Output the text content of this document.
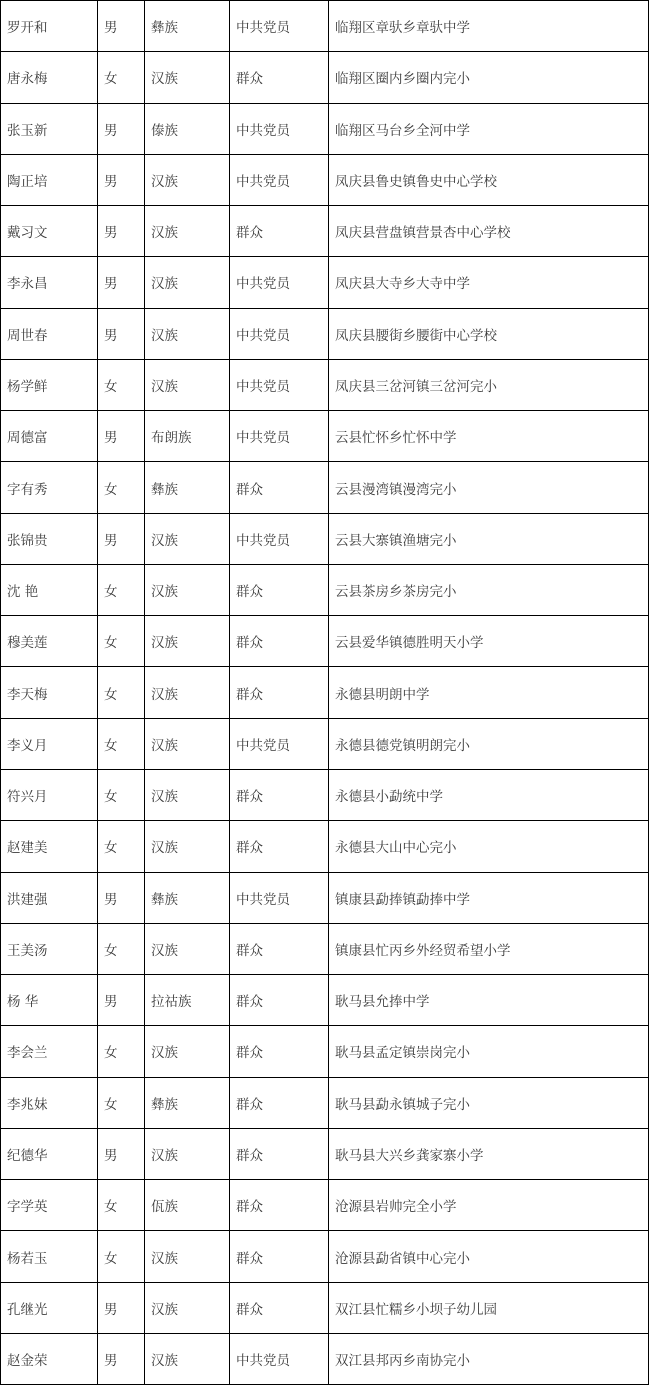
罗开和	男	彝族	中共党员	临翔区章驮乡章驮中学
唐永梅	女	汉族	群众	临翔区圈内乡圈内完小
张玉新	男	傣族	中共党员	临翔区马台乡全河中学
陶正培	男	汉族	中共党员	凤庆县鲁史镇鲁史中心学校
戴习文	男	汉族	群众	凤庆县营盘镇营景杏中心学校
李永昌	男	汉族	中共党员	凤庆县大寺乡大寺中学
周世春	男	汉族	中共党员	凤庆县腰街乡腰街中心学校
杨学鲜	女	汉族	中共党员	凤庆县三岔河镇三岔河完小
周德富	男	布朗族	中共党员	云县忙怀乡忙怀中学
字有秀	女	彝族	群众	云县漫湾镇漫湾完小
张锦贵	男	汉族	中共党员	云县大寨镇渔塘完小
沈 艳	女	汉族	群众	云县茶房乡茶房完小
穆美莲	女	汉族	群众	云县爱华镇德胜明天小学
李天梅	女	汉族	群众	永德县明朗中学
李义月	女	汉族	中共党员	永德县德党镇明朗完小
符兴月	女	汉族	群众	永德县小勐统中学
赵建美	女	汉族	群众	永德县大山中心完小
洪建强	男	彝族	中共党员	镇康县勐捧镇勐捧中学
王美汤	女	汉族	群众	镇康县忙丙乡外经贸希望小学
杨 华	男	拉祜族	群众	耿马县允捧中学
李会兰	女	汉族	群众	耿马县孟定镇崇岗完小
李兆妹	女	彝族	群众	耿马县勐永镇城子完小
纪德华	男	汉族	群众	耿马县大兴乡龚家寨小学
字学英	女	佤族	群众	沧源县岩帅完全小学
杨若玉	女	汉族	群众	沧源县勐省镇中心完小
孔继光	男	汉族	群众	双江县忙糯乡小坝子幼儿园
赵金荣	男	汉族	中共党员	双江县邦丙乡南协完小
